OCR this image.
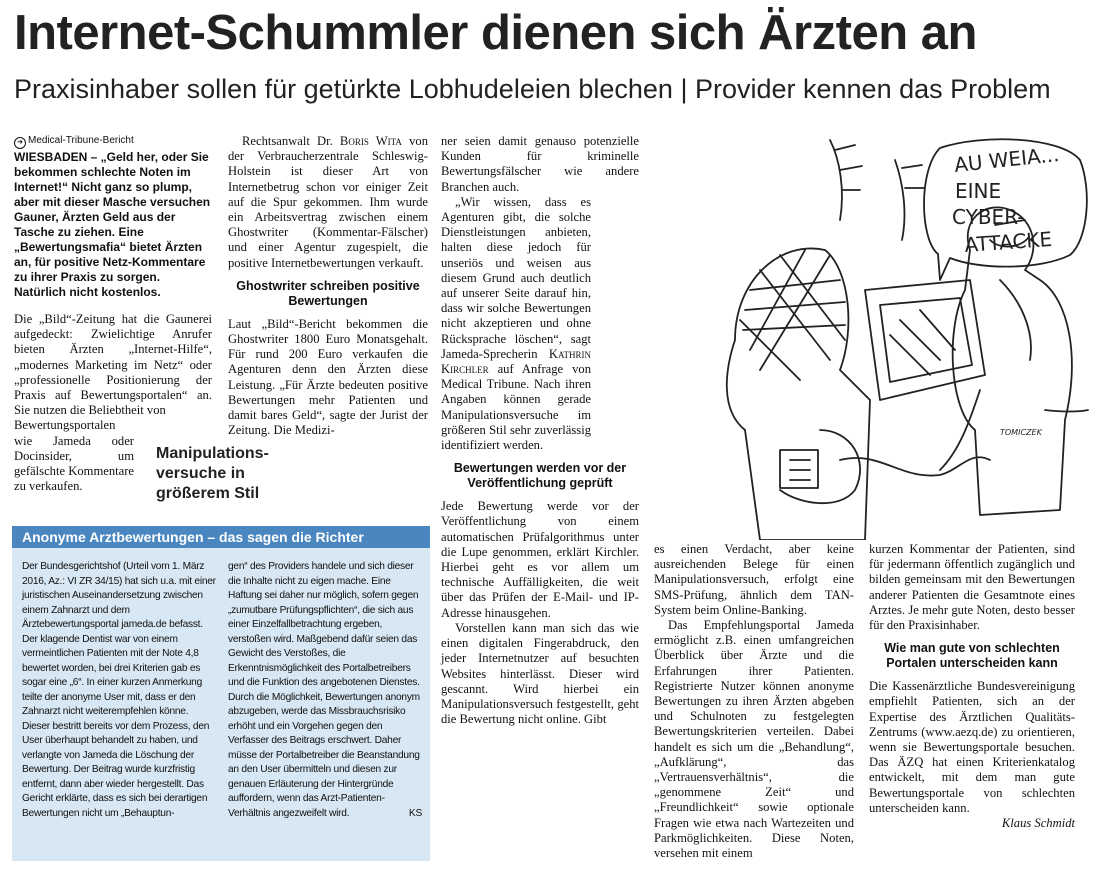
Internet-Schummler dienen sich Ärzten an
Praxisinhaber sollen für getürkte Lobhudeleien blechen | Provider kennen das Problem
➜ Medical-Tribune-Bericht
WIESBADEN – „Geld her, oder Sie bekommen schlechte Noten im Internet!“ Nicht ganz so plump, aber mit dieser Masche versuchen Gauner, Ärzten Geld aus der Tasche zu ziehen. Eine „Bewertungsmafia“ bietet Ärzten an, für positive Netz-Kommentare zu ihrer Praxis zu sorgen. Natürlich nicht kostenlos.

Die „Bild“-Zeitung hat die Gaunerei aufgedeckt: Zwielichtige Anrufer bieten Ärzten „Internet-Hilfe“, „modernes Marketing im Netz“ oder „professionelle Positionierung der Praxis auf Bewertungsportalen“ an. Sie nutzen die Beliebtheit von

Bewertungsportalen wie Jameda oder Docinsider, um gefälschte Kommentare zu verkaufen.

Manipulations-versuche in größerem Stil

Rechtsanwalt Dr. Boris Wita von der Verbraucherzentrale Schleswig-Holstein ist dieser Art von Internetbetrug schon vor einiger Zeit auf die Spur gekommen. Ihm wurde ein Arbeitsvertrag zwischen einem Ghostwriter (Kommentar-Fälscher) und einer Agentur zugespielt, die positive Internetbewertungen verkauft.

Ghostwriter schreiben positive Bewertungen

Laut „Bild“-Bericht bekommen die Ghostwriter 1800 Euro Monatsgehalt. Für rund 200 Euro verkaufen die Agenturen denn den Ärzten diese Leistung. „Für Ärzte bedeuten positive Bewertungen mehr Patienten und damit bares Geld“, sagte der Jurist der Zeitung. Die Medizi-

ner seien damit genauso potenzielle Kunden für kriminelle Bewertungsfälscher wie andere Branchen auch.

„Wir wissen, dass es Agenturen gibt, die solche Dienstleistungen anbieten, halten diese jedoch für unseriös und weisen aus diesem Grund auch deutlich auf unserer Seite darauf hin, dass wir solche Bewertungen nicht akzeptieren und ohne Rücksprache löschen“, sagt Jameda-Sprecherin Kathrin Kirchler auf Anfrage von Medical Tribune. Nach ihren Angaben können gerade Manipulationsversuche im größeren Stil sehr zuverlässig identifiziert werden.

Bewertungen werden vor der Veröffentlichung geprüft

Jede Bewertung werde vor der Veröffentlichung von einem automatischen Prüfalgorithmus unter die Lupe genommen, erklärt Kirchler. Hierbei geht es vor allem um technische Auffälligkeiten, die weit über das Prüfen der E-Mail- und IP-Adresse hinausgehen.

Vorstellen kann man sich das wie einen digitalen Fingerabdruck, den jeder Internetnutzer auf besuchten Websites hinterlässt. Dieser wird gescannt. Wird hierbei ein Manipulationsversuch festgestellt, geht die Bewertung nicht online. Gibt

es einen Verdacht, aber keine ausreichenden Belege für einen Manipulationsversuch, erfolgt eine SMS-Prüfung, ähnlich dem TAN-System beim Online-Banking.

Das Empfehlungsportal Jameda ermöglicht z.B. einen umfangreichen Überblick über Ärzte und die Erfahrungen ihrer Patienten. Registrierte Nutzer können anonyme Bewertungen zu ihren Ärzten abgeben und Schulnoten zu festgelegten Bewertungskriterien verteilen. Dabei handelt es sich um die „Behandlung“, „Aufklärung“, das „Vertrauensverhältnis“, die „genommene Zeit“ und „Freundlichkeit“ sowie optionale Fragen wie etwa nach Wartezeiten und Parkmöglichkeiten. Diese Noten, versehen mit einem

kurzen Kommentar der Patienten, sind für jedermann öffentlich zugänglich und bilden gemeinsam mit den Bewertungen anderer Patienten die Gesamtnote eines Arztes. Je mehr gute Noten, desto besser für den Praxisinhaber.

Wie man gute von schlechten Portalen unterscheiden kann

Die Kassenärztliche Bundesvereinigung empfiehlt Patienten, sich an der Expertise des Ärztlichen Qualitäts-Zentrums (www.aezq.de) zu orientieren, wenn sie Bewertungsportale besuchen. Das ÄZQ hat einen Kriterienkatalog entwickelt, mit dem man gute Bewertungsportale von schlechten unterscheiden kann.

Klaus Schmidt
Anonyme Arztbewertungen – das sagen die Richter

Der Bundesgerichtshof (Urteil vom 1. März 2016, Az.: VI ZR 34/15) hat sich u.a. mit einer juristischen Auseinandersetzung zwischen einem Zahnarzt und dem Ärztebewertungsportal jameda.de befasst. Der klagende Dentist war von einem vermeintlichen Patienten mit der Note 4,8 bewertet worden, bei drei Kriterien gab es sogar eine „6“. In einer kurzen Anmerkung teilte der anonyme User mit, dass er den Zahnarzt nicht weiterempfehlen könne.

Dieser bestritt bereits vor dem Prozess, den User überhaupt behandelt zu haben, und verlangte von Jameda die Löschung der Bewertung. Der Beitrag wurde kurzfristig entfernt, dann aber wieder hergestellt. Das Gericht erklärte, dass es sich bei derartigen Bewertungen nicht um „Behauptun-

gen“ des Providers handele und sich dieser die Inhalte nicht zu eigen mache. Eine Haftung sei daher nur möglich, sofern gegen „zumutbare Prüfungspflichten“, die sich aus einer Einzelfallbetrachtung ergeben, verstoßen wird. Maßgebend dafür seien das Gewicht des Verstoßes, die Erkenntnismöglichkeit des Portalbetreibers und die Funktion des angebotenen Dienstes.

Durch die Möglichkeit, Bewertungen anonym abzugeben, werde das Missbrauchsrisiko erhöht und ein Vorgehen gegen den Verfasser des Beitrags erschwert. Daher müsse der Portalbetreiber die Beanstandung an den User übermitteln und diesen zur genauen Erläuterung der Hintergründe auffordern, wenn das Arzt-Patienten-Verhältnis angezweifelt wird.	KS

AU WEIA...
EINE
CYBER-
ATTACKE
TOMICZEK
